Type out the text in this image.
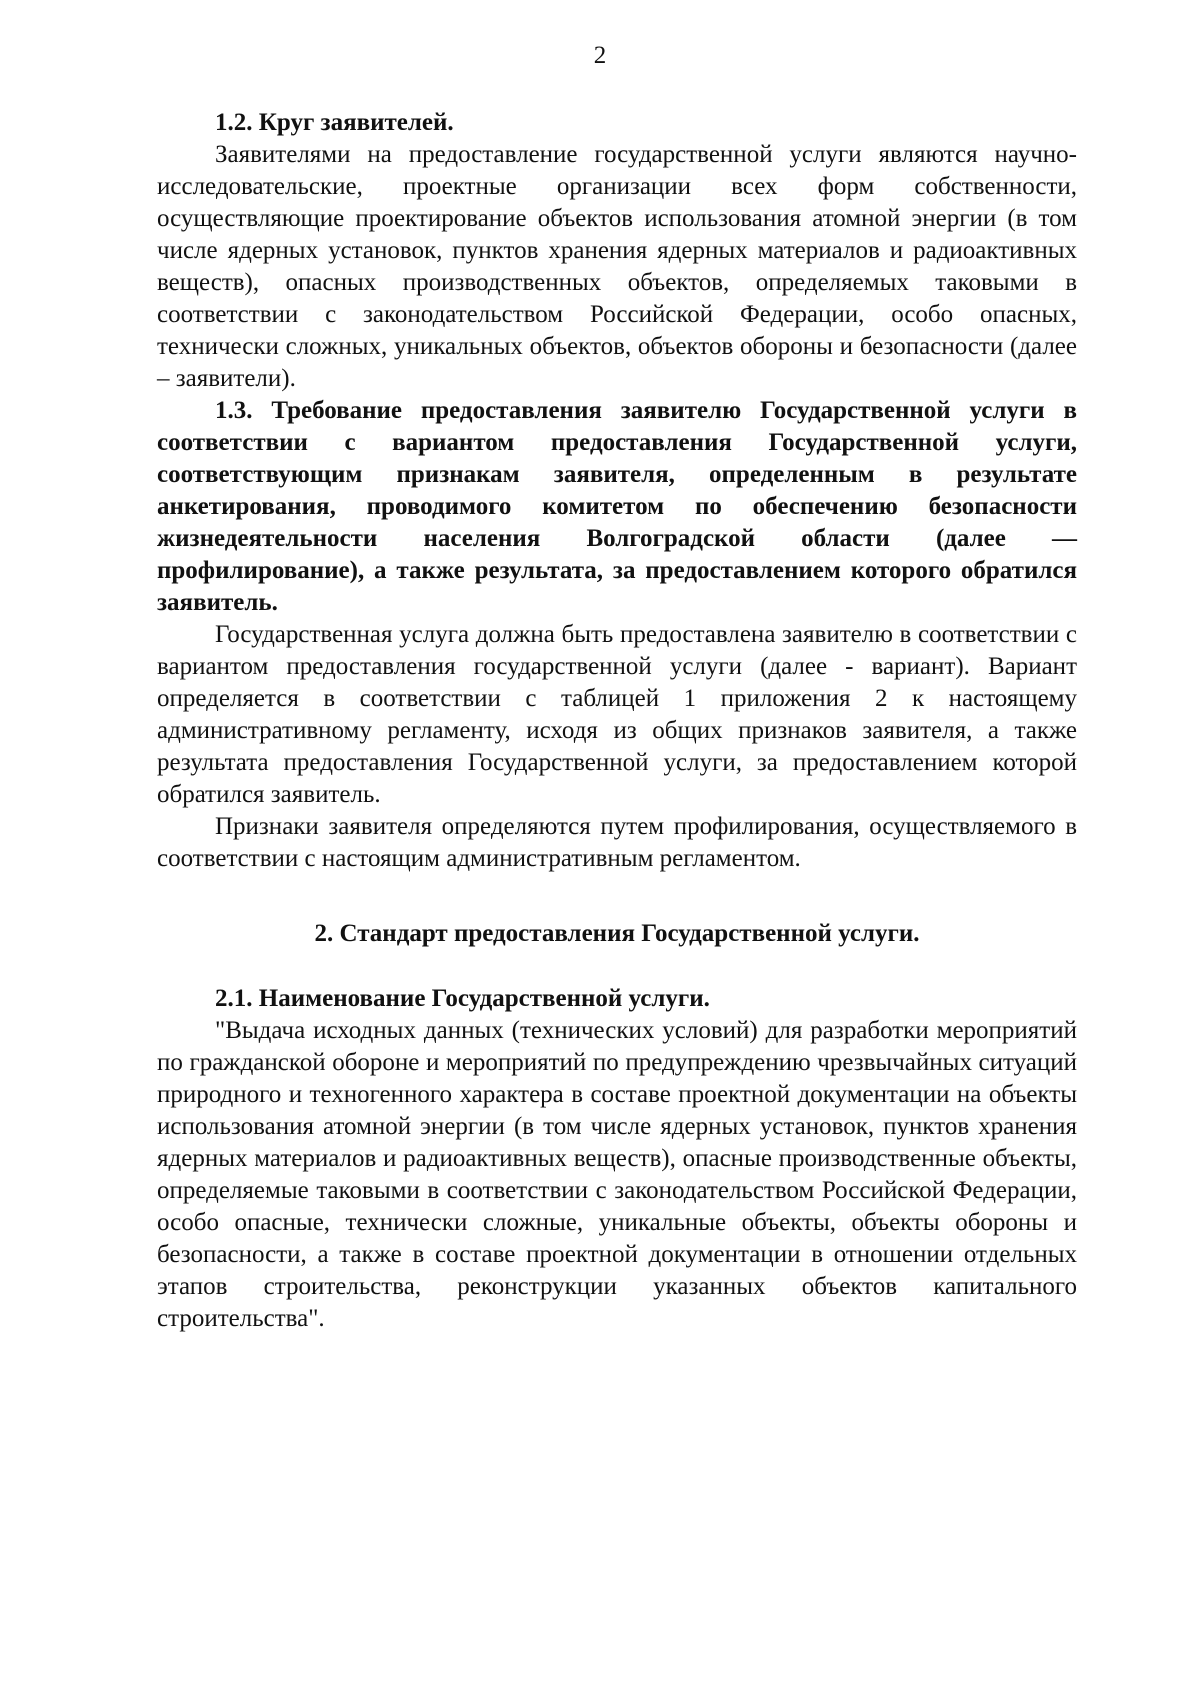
2

1.2. Круг заявителей.

Заявителями на предоставление государственной услуги являются научно-исследовательские, проектные организации всех форм собственности, осуществляющие проектирование объектов использования атомной энергии (в том числе ядерных установок, пунктов хранения ядерных материалов и радиоактивных веществ), опасных производственных объектов, определяемых таковыми в соответствии с законодательством Российской Федерации, особо опасных, технически сложных, уникальных объектов, объектов обороны и безопасности (далее – заявители).

1.3. Требование предоставления заявителю Государственной услуги в соответствии с вариантом предоставления Государственной услуги, соответствующим признакам заявителя, определенным в результате анкетирования, проводимого комитетом по обеспечению безопасности жизнедеятельности населения Волгоградской области (далее — профилирование), а также результата, за предоставлением которого обратился заявитель.

Государственная услуга должна быть предоставлена заявителю в соответствии с вариантом предоставления государственной услуги (далее - вариант). Вариант определяется в соответствии с таблицей 1 приложения 2 к настоящему административному регламенту, исходя из общих признаков заявителя, а также результата предоставления Государственной услуги, за предоставлением которой обратился заявитель.

Признаки заявителя определяются путем профилирования, осуществляемого в соответствии с настоящим административным регламентом.

2. Стандарт предоставления Государственной услуги.

2.1. Наименование Государственной услуги.

"Выдача исходных данных (технических условий) для разработки мероприятий по гражданской обороне и мероприятий по предупреждению чрезвычайных ситуаций природного и техногенного характера в составе проектной документации на объекты использования атомной энергии (в том числе ядерных установок, пунктов хранения ядерных материалов и радиоактивных веществ), опасные производственные объекты, определяемые таковыми в соответствии с законодательством Российской Федерации, особо опасные, технически сложные, уникальные объекты, объекты обороны и безопасности, а также в составе проектной документации в отношении отдельных этапов строительства, реконструкции указанных объектов капитального строительства".
